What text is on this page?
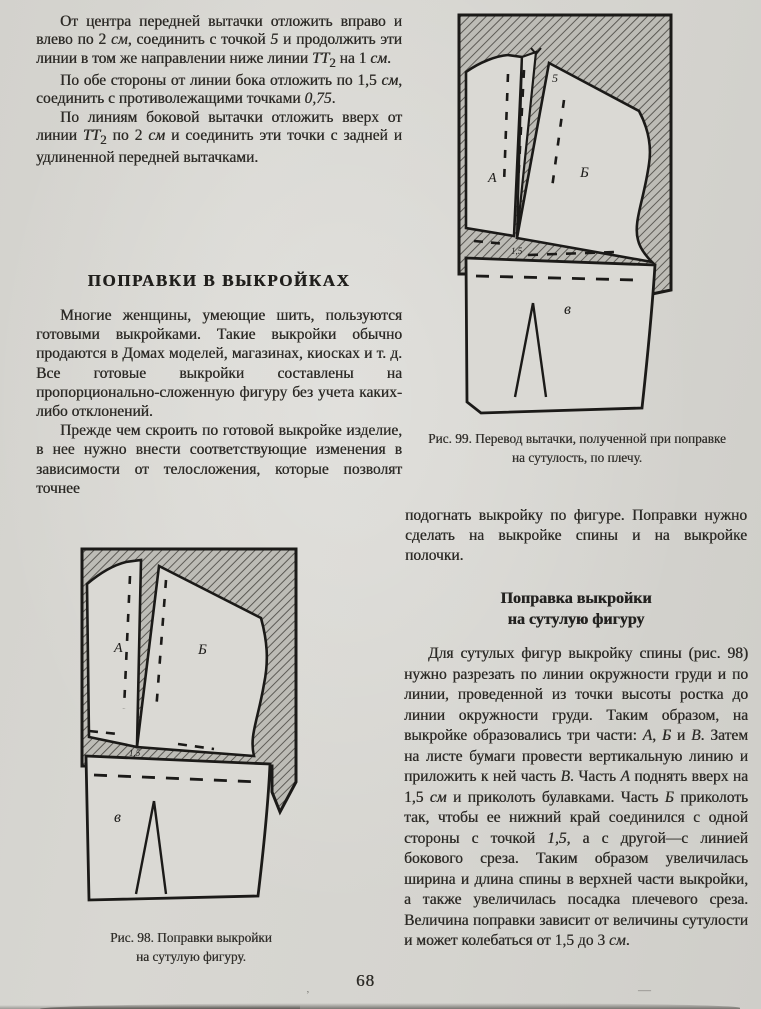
От центра передней вытачки отложить вправо и влево по 2 см, соединить с точкой 5 и продолжить эти линии в том же направлении ниже линии $ТТ_2$ на 1 см.

По обе стороны от линии бока отложить по 1,5 см, соединить с противолежащими точками 0,75.

По линиям боковой вытачки отложить вверх от линии $ТТ_2$ по 2 см и соединить эти точки с задней и удлиненной передней вытачками.

ПОПРАВКИ В ВЫКРОЙКАХ

Многие женщины, умеющие шить, пользуются готовыми выкройками. Такие выкройки обычно продаются в Домах моделей, магазинах, киосках и т. д. Все готовые выкройки составлены на пропорционально-сложенную фигуру без учета каких-либо отклонений.

Прежде чем скроить по готовой выкройке изделие, в нее нужно внести соответствующие изменения в зависимости от телосложения, которые позволят точнее

А	Б
в
1,5
Рис. 98. Поправки выкройки
на сутулую фигуру.
А	Б
в
5
1,5
Рис. 99. Перевод вытачки, полученной при поправке на сутулость, по плечу.

подогнать выкройку по фигуре. Поправки нужно сделать на выкройке спины и на выкройке полочки.

Поправка выкройки
на сутулую фигуру

Для сутулых фигур выкройку спины (рис. 98) нужно разрезать по линии окружности груди и по линии, проведенной из точки высоты ростка до линии окружности груди. Таким образом, на выкройке образовались три части: А, Б и В. Затем на листе бумаги провести вертикальную линию и приложить к ней часть В. Часть А поднять вверх на 1,5 см и приколоть булавками. Часть Б приколоть так, чтобы ее нижний край соединился с одной стороны с точкой 1,5, а с другой—с линией бокового среза. Таким образом увеличилась ширина и длина спины в верхней части выкройки, а также увеличилась посадка плечевого среза. Величина поправки зависит от величины сутулости и может колебаться от 1,5 до 3 см.

68
‚	—
